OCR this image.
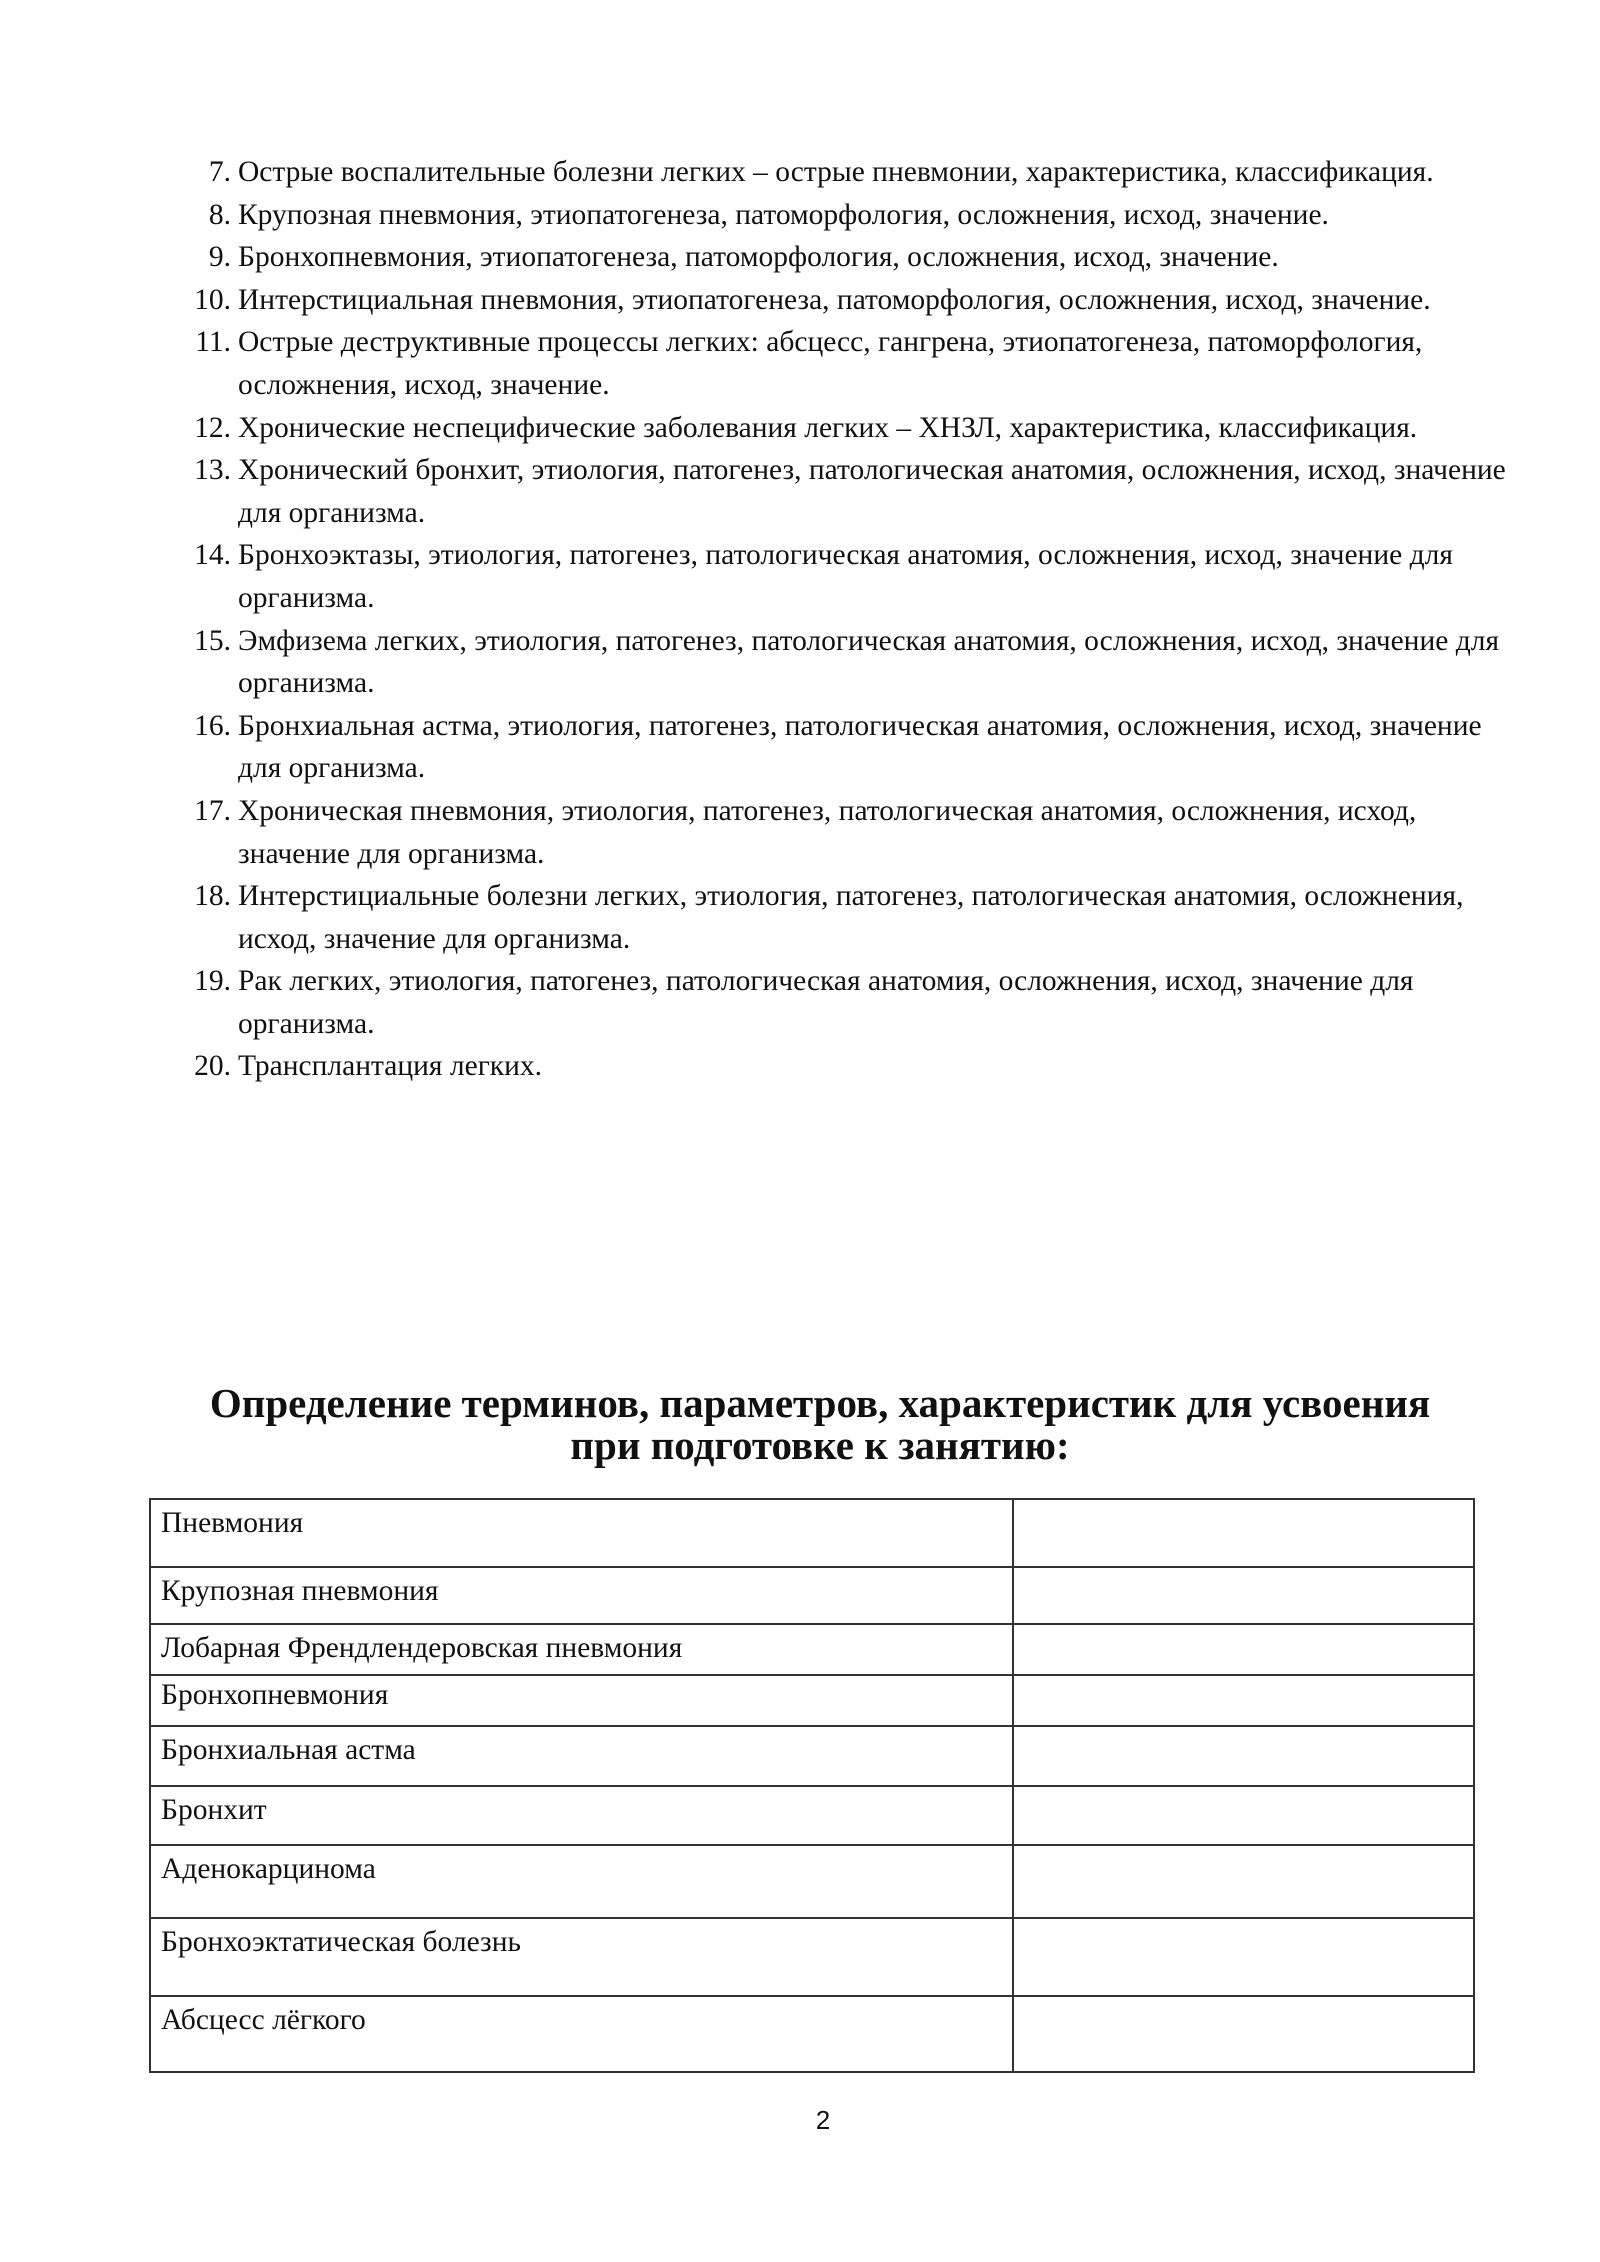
7. Острые воспалительные болезни легких – острые пневмонии, характеристика, классификация.
8. Крупозная пневмония, этиопатогенеза, патоморфология, осложнения, исход, значение.
9. Бронхопневмония, этиопатогенеза, патоморфология, осложнения, исход, значение.
10. Интерстициальная пневмония, этиопатогенеза, патоморфология, осложнения, исход, значение.
11. Острые деструктивные процессы легких: абсцесс, гангрена, этиопатогенеза, патоморфология, осложнения, исход, значение.
12. Хронические неспецифические заболевания легких – ХНЗЛ, характеристика, классификация.
13. Хронический бронхит, этиология, патогенез, патологическая анатомия, осложнения, исход, значение для организма.
14. Бронхоэктазы, этиология, патогенез, патологическая анатомия, осложнения, исход, значение для организма.
15. Эмфизема легких, этиология, патогенез, патологическая анатомия, осложнения, исход, значение для организма.
16. Бронхиальная астма, этиология, патогенез, патологическая анатомия, осложнения, исход, значение для организма.
17. Хроническая пневмония, этиология, патогенез, патологическая анатомия, осложнения, исход, значение для организма.
18. Интерстициальные болезни легких, этиология, патогенез, патологическая анатомия, осложнения, исход, значение для организма.
19. Рак легких, этиология, патогенез, патологическая анатомия, осложнения, исход, значение для организма.
20. Трансплантация легких.
Определение терминов, параметров, характеристик для усвоения
при подготовке к занятию:
Пневмония	
Крупозная пневмония	
Лобарная Френдлендеровская пневмония	
Бронхопневмония	
Бронхиальная астма	
Бронхит	
Аденокарцинома	
Бронхоэктатическая болезнь	
Абсцесс лёгкого	
2
